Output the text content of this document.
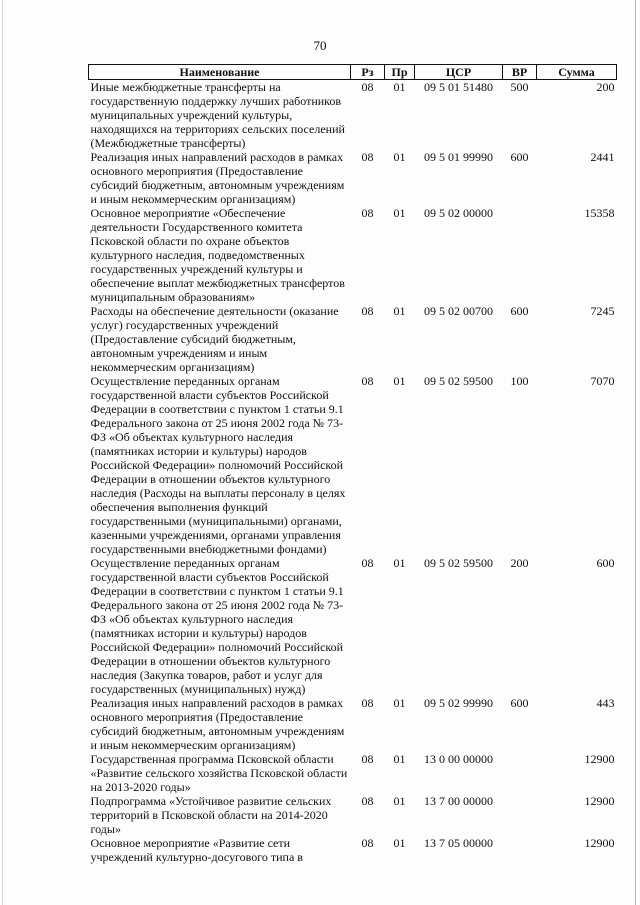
70
Наименование	Рз	Пр	ЦСР	ВР	Сумма
Иные межбюджетные трансферты на государственную поддержку лучших работников муниципальных учреждений культуры, находящихся на территориях сельских поселений (Межбюджетные трансферты)	08	01	09 5 01 51480	500	200
Реализация иных направлений расходов в рамках основного мероприятия (Предоставление субсидий бюджетным, автономным учреждениям и иным некоммерческим организациям)	08	01	09 5 01 99990	600	2441
Основное мероприятие «Обеспечение деятельности Государственного комитета Псковской области по охране объектов культурного наследия, подведомственных государственных учреждений культуры и обеспечение выплат межбюджетных трансфертов муниципальным образованиям»	08	01	09 5 02 00000		15358
Расходы на обеспечение деятельности (оказание услуг) государственных учреждений (Предоставление субсидий бюджетным, автономным учреждениям и иным некоммерческим организациям)	08	01	09 5 02 00700	600	7245
Осуществление переданных органам государственной власти субъектов Российской Федерации в соответствии с пунктом 1 статьи 9.1 Федерального закона от 25 июня 2002 года № 73-ФЗ «Об объектах культурного наследия (памятниках истории и культуры) народов Российской Федерации» полномочий Российской Федерации в отношении объектов культурного наследия (Расходы на выплаты персоналу в целях обеспечения выполнения функций государственными (муниципальными) органами, казенными учреждениями, органами управления государственными внебюджетными фондами)	08	01	09 5 02 59500	100	7070
Осуществление переданных органам государственной власти субъектов Российской Федерации в соответствии с пунктом 1 статьи 9.1 Федерального закона от 25 июня 2002 года № 73-ФЗ «Об объектах культурного наследия (памятниках истории и культуры) народов Российской Федерации» полномочий Российской Федерации в отношении объектов культурного наследия (Закупка товаров, работ и услуг для государственных (муниципальных) нужд)	08	01	09 5 02 59500	200	600
Реализация иных направлений расходов в рамках основного мероприятия (Предоставление субсидий бюджетным, автономным учреждениям и иным некоммерческим организациям)	08	01	09 5 02 99990	600	443
Государственная программа Псковской области «Развитие сельского хозяйства Псковской области на 2013-2020 годы»	08	01	13 0 00 00000		12900
Подпрограмма «Устойчивое развитие сельских территорий в Псковской области на 2014-2020 годы»	08	01	13 7 00 00000		12900
Основное мероприятие «Развитие сети учреждений культурно-досугового типа в	08	01	13 7 05 00000		12900
